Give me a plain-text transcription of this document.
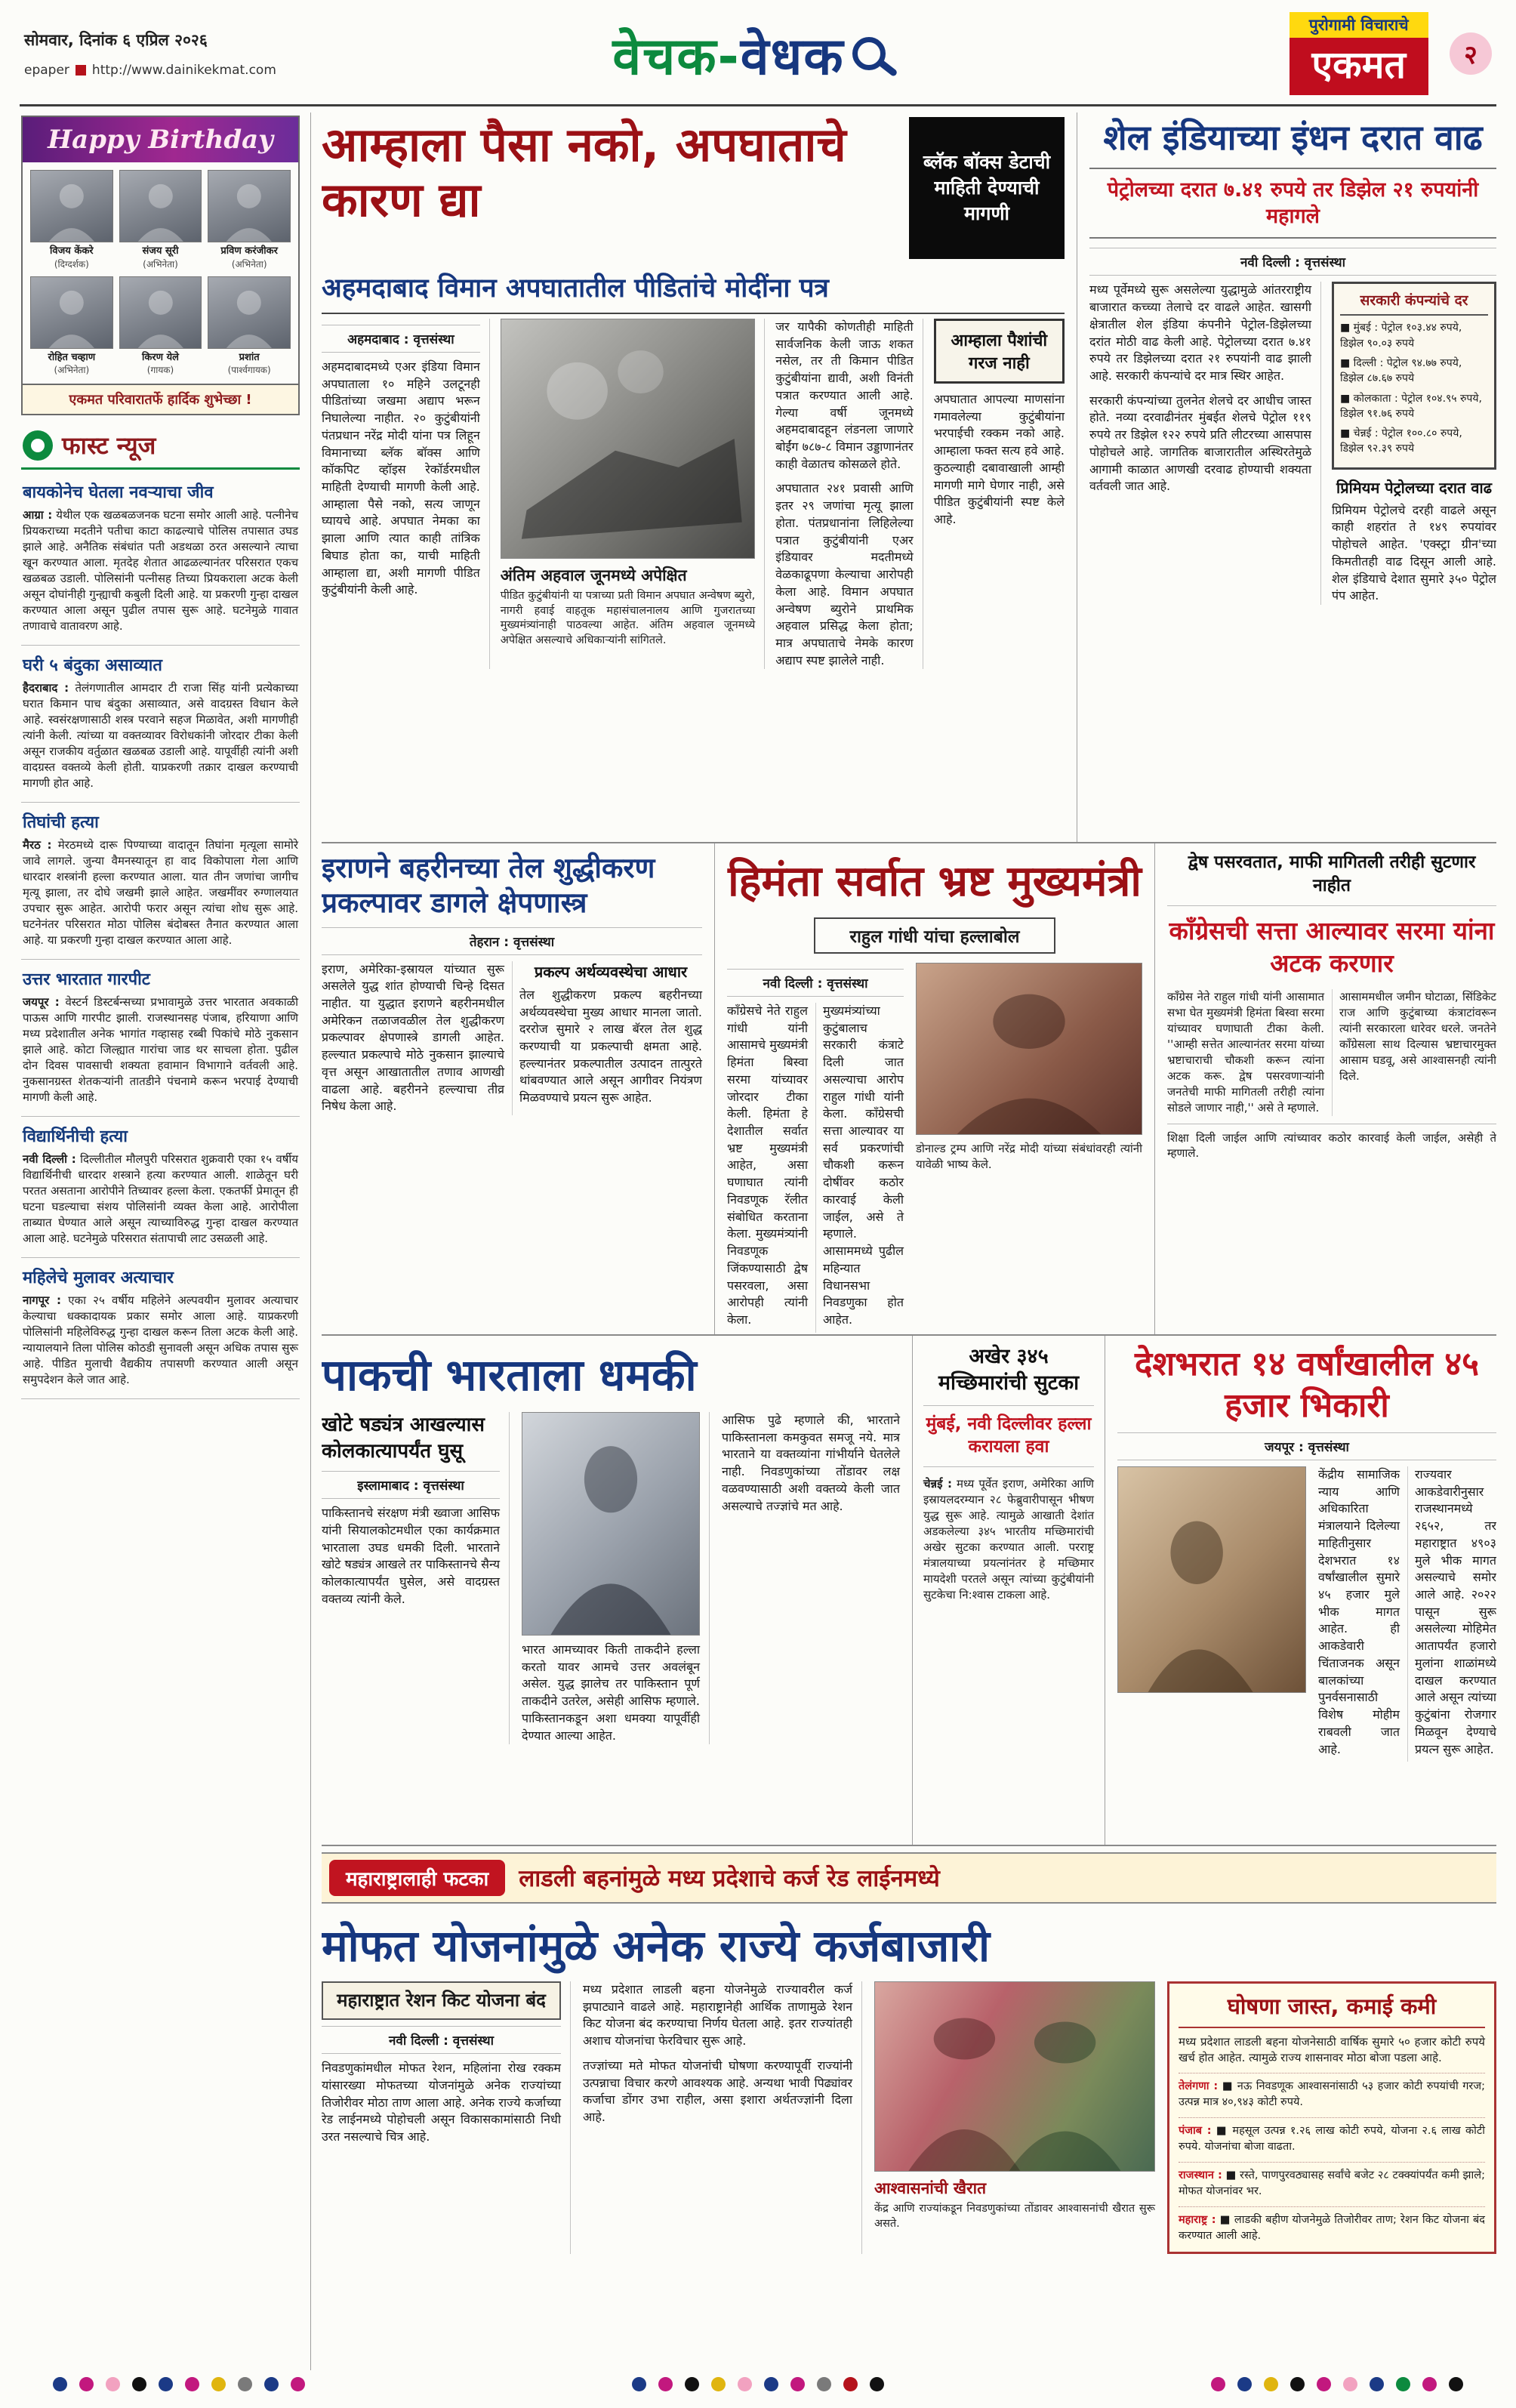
सोमवार, दिनांक ६ एप्रिल २०२६
epaper http://www.dainikekmat.com	वेचक- वेधक
पुरोगामी विचाराचे
एकमत	२
Happy Birthday
विजय केंकरे
(दिग्दर्शक)
संजय सूरी
(अभिनेता)
प्रविण करंजीकर
(अभिनेता)
रोहित चव्हाण
(अभिनेता)
किरण येले
(गायक)
प्रशांत
(पार्श्वगायक)
एकमत परिवारातर्फे हार्दिक शुभेच्छा !
फास्ट न्यूज
बायकोनेच घेतला नवऱ्याचा जीव

आग्रा : येथील एक खळबळजनक घटना समोर आली आहे. पत्नीनेच प्रियकराच्या मदतीने पतीचा काटा काढल्याचे पोलिस तपासात उघड झाले आहे. अनैतिक संबंधांत पती अडथळा ठरत असल्याने त्याचा खून करण्यात आला. मृतदेह शेतात आढळल्यानंतर परिसरात एकच खळबळ उडाली. पोलिसांनी पत्नीसह तिच्या प्रियकराला अटक केली असून दोघांनीही गुन्ह्याची कबुली दिली आहे. या प्रकरणी गुन्हा दाखल करण्यात आला असून पुढील तपास सुरू आहे. घटनेमुळे गावात तणावाचे वातावरण आहे.

घरी ५ बंदुका असाव्यात

हैदराबाद : तेलंगणातील आमदार टी राजा सिंह यांनी प्रत्येकाच्या घरात किमान पाच बंदुका असाव्यात, असे वादग्रस्त विधान केले आहे. स्वसंरक्षणासाठी शस्त्र परवाने सहज मिळावेत, अशी मागणीही त्यांनी केली. त्यांच्या या वक्तव्यावर विरोधकांनी जोरदार टीका केली असून राजकीय वर्तुळात खळबळ उडाली आहे. यापूर्वीही त्यांनी अशी वादग्रस्त वक्तव्ये केली होती. याप्रकरणी तक्रार दाखल करण्याची मागणी होत आहे.

तिघांची हत्या

मैरठ : मेरठमध्ये दारू पिण्याच्या वादातून तिघांना मृत्यूला सामोरे जावे लागले. जुन्या वैमनस्यातून हा वाद विकोपाला गेला आणि धारदार शस्त्रांनी हल्ला करण्यात आला. यात तीन जणांचा जागीच मृत्यू झाला, तर दोघे जखमी झाले आहेत. जखमींवर रुग्णालयात उपचार सुरू आहेत. आरोपी फरार असून त्यांचा शोध सुरू आहे. घटनेनंतर परिसरात मोठा पोलिस बंदोबस्त तैनात करण्यात आला आहे. या प्रकरणी गुन्हा दाखल करण्यात आला आहे.

उत्तर भारतात गारपीट

जयपूर : वेस्टर्न डिस्टर्बन्सच्या प्रभावामुळे उत्तर भारतात अवकाळी पाऊस आणि गारपीट झाली. राजस्थानसह पंजाब, हरियाणा आणि मध्य प्रदेशातील अनेक भागांत गव्हासह रब्बी पिकांचे मोठे नुकसान झाले आहे. कोटा जिल्ह्यात गारांचा जाड थर साचला होता. पुढील दोन दिवस पावसाची शक्यता हवामान विभागाने वर्तवली आहे. नुकसानग्रस्त शेतकऱ्यांनी तातडीने पंचनामे करून भरपाई देण्याची मागणी केली आहे.

विद्यार्थिनीची हत्या

नवी दिल्ली : दिल्लीतील मौलपुरी परिसरात शुक्रवारी एका १५ वर्षीय विद्यार्थिनीची धारदार शस्त्राने हत्या करण्यात आली. शाळेतून घरी परतत असताना आरोपीने तिच्यावर हल्ला केला. एकतर्फी प्रेमातून ही घटना घडल्याचा संशय पोलिसांनी व्यक्त केला आहे. आरोपीला ताब्यात घेण्यात आले असून त्याच्याविरुद्ध गुन्हा दाखल करण्यात आला आहे. घटनेमुळे परिसरात संतापाची लाट उसळली आहे.

महिलेचे मुलावर अत्याचार

नागपूर : एका २५ वर्षीय महिलेने अल्पवयीन मुलावर अत्याचार केल्याचा धक्कादायक प्रकार समोर आला आहे. याप्रकरणी पोलिसांनी महिलेविरुद्ध गुन्हा दाखल करून तिला अटक केली आहे. न्यायालयाने तिला पोलिस कोठडी सुनावली असून अधिक तपास सुरू आहे. पीडित मुलाची वैद्यकीय तपासणी करण्यात आली असून समुपदेशन केले जात आहे.

आम्हाला पैसा नको, अपघाताचे कारण द्या
ब्लॅक बॉक्स डेटाची माहिती देण्याची मागणी
अहमदाबाद विमान अपघातातील पीडितांचे मोदींना पत्र
अहमदाबाद : वृत्तसंस्था

अहमदाबादमध्ये एअर इंडिया विमान अपघाताला १० महिने उलटूनही पीडितांच्या जखमा अद्याप भरून निघालेल्या नाहीत. २० कुटुंबीयांनी पंतप्रधान नरेंद्र मोदी यांना पत्र लिहून विमानाच्या ब्लॅक बॉक्स आणि कॉकपिट व्हॉइस रेकॉर्डरमधील माहिती देण्याची मागणी केली आहे. आम्हाला पैसे नको, सत्य जाणून घ्यायचे आहे. अपघात नेमका का झाला आणि त्यात काही तांत्रिक बिघाड होता का, याची माहिती आम्हाला द्या, अशी मागणी पीडित कुटुंबीयांनी केली आहे.

अंतिम अहवाल जूनमध्ये अपेक्षित

पीडित कुटुंबीयांनी या पत्राच्या प्रती विमान अपघात अन्वेषण ब्युरो, नागरी हवाई वाहतूक महासंचालनालय आणि गुजरातच्या मुख्यमंत्र्यांनाही पाठवल्या आहेत. अंतिम अहवाल जूनमध्ये अपेक्षित असल्याचे अधिकाऱ्यांनी सांगितले.

जर यापैकी कोणतीही माहिती सार्वजनिक केली जाऊ शकत नसेल, तर ती किमान पीडित कुटुंबीयांना द्यावी, अशी विनंती पत्रात करण्यात आली आहे. गेल्या वर्षी जूनमध्ये अहमदाबादहून लंडनला जाणारे बोईंग ७८७-८ विमान उड्डाणानंतर काही वेळातच कोसळले होते.

अपघातात २४१ प्रवासी आणि इतर २९ जणांचा मृत्यू झाला होता. पंतप्रधानांना लिहिलेल्या पत्रात कुटुंबीयांनी एअर इंडियावर मदतीमध्ये वेळकाढूपणा केल्याचा आरोपही केला आहे. विमान अपघात अन्वेषण ब्युरोने प्राथमिक अहवाल प्रसिद्ध केला होता; मात्र अपघाताचे नेमके कारण अद्याप स्पष्ट झालेले नाही.

आम्हाला पैशांची गरज नाही

अपघातात आपल्या माणसांना गमावलेल्या कुटुंबीयांना भरपाईची रक्कम नको आहे. आम्हाला फक्त सत्य हवे आहे. कुठल्याही दबावाखाली आम्ही मागणी मागे घेणार नाही, असे पीडित कुटुंबीयांनी स्पष्ट केले आहे.

शेल इंडियाच्या इंधन दरात वाढ
पेट्रोलच्या दरात ७.४१ रुपये तर डिझेल २१ रुपयांनी महागले
नवी दिल्ली : वृत्तसंस्था

मध्य पूर्वेमध्ये सुरू असलेल्या युद्धामुळे आंतरराष्ट्रीय बाजारात कच्च्या तेलाचे दर वाढले आहेत. खासगी क्षेत्रातील शेल इंडिया कंपनीने पेट्रोल-डिझेलच्या दरांत मोठी वाढ केली आहे. पेट्रोलच्या दरात ७.४१ रुपये तर डिझेलच्या दरात २१ रुपयांनी वाढ झाली आहे. सरकारी कंपन्यांचे दर मात्र स्थिर आहेत.

सरकारी कंपन्यांच्या तुलनेत शेलचे दर आधीच जास्त होते. नव्या दरवाढीनंतर मुंबईत शेलचे पेट्रोल ११९ रुपये तर डिझेल १२२ रुपये प्रति लीटरच्या आसपास पोहोचले आहे. जागतिक बाजारातील अस्थिरतेमुळे आगामी काळात आणखी दरवाढ होण्याची शक्यता वर्तवली जात आहे.

सरकारी कंपन्यांचे दर

■ मुंबई : पेट्रोल १०३.४४ रुपये, डिझेल ९०.०३ रुपये

■ दिल्ली : पेट्रोल ९४.७७ रुपये, डिझेल ८७.६७ रुपये

■ कोलकाता : पेट्रोल १०४.९५ रुपये, डिझेल ९१.७६ रुपये

■ चेन्नई : पेट्रोल १००.८० रुपये, डिझेल ९२.३९ रुपये

प्रिमियम पेट्रोलच्या दरात वाढ

प्रिमियम पेट्रोलचे दरही वाढले असून काही शहरांत ते १४९ रुपयांवर पोहोचले आहेत. 'एक्स्ट्रा ग्रीन'च्या किमतीतही वाढ दिसून आली आहे. शेल इंडियाचे देशात सुमारे ३५० पेट्रोल पंप आहेत.

इराणने बहरीनच्या तेल शुद्धीकरण प्रकल्पावर डागले क्षेपणास्त्र
तेहरान : वृत्तसंस्था

इराण, अमेरिका-इस्रायल यांच्यात सुरू असलेले युद्ध शांत होण्याची चिन्हे दिसत नाहीत. या युद्धात इराणने बहरीनमधील अमेरिकन तळाजवळील तेल शुद्धीकरण प्रकल्पावर क्षेपणास्त्रे डागली आहेत. हल्ल्यात प्रकल्पाचे मोठे नुकसान झाल्याचे वृत्त असून आखातातील तणाव आणखी वाढला आहे. बहरीनने हल्ल्याचा तीव्र निषेध केला आहे.

प्रकल्प अर्थव्यवस्थेचा आधार

तेल शुद्धीकरण प्रकल्प बहरीनच्या अर्थव्यवस्थेचा मुख्य आधार मानला जातो. दररोज सुमारे २ लाख बॅरल तेल शुद्ध करण्याची या प्रकल्पाची क्षमता आहे. हल्ल्यानंतर प्रकल्पातील उत्पादन तात्पुरते थांबवण्यात आले असून आगीवर नियंत्रण मिळवण्याचे प्रयत्न सुरू आहेत.

हिमंता सर्वात भ्रष्ट मुख्यमंत्री
राहुल गांधी यांचा हल्लाबोल
नवी दिल्ली : वृत्तसंस्था

काँग्रेसचे नेते राहुल गांधी यांनी आसामचे मुख्यमंत्री हिमंता बिस्वा सरमा यांच्यावर जोरदार टीका केली. हिमंता हे देशातील सर्वात भ्रष्ट मुख्यमंत्री आहेत, असा घणाघात त्यांनी निवडणूक रॅलीत संबोधित करताना केला. मुख्यमंत्र्यांनी निवडणूक जिंकण्यासाठी द्वेष पसरवला, असा आरोपही त्यांनी केला.

मुख्यमंत्र्यांच्या कुटुंबालाच सरकारी कंत्राटे दिली जात असल्याचा आरोप राहुल गांधी यांनी केला. काँग्रेसची सत्ता आल्यावर या सर्व प्रकरणांची चौकशी करून दोषींवर कठोर कारवाई केली जाईल, असे ते म्हणाले. आसाममध्ये पुढील महिन्यात विधानसभा निवडणुका होत आहेत.

डोनाल्ड ट्रम्प आणि नरेंद्र मोदी यांच्या संबंधांवरही त्यांनी यावेळी भाष्य केले.

द्वेष पसरवतात, माफी मागितली तरीही सुटणार नाहीत
काँग्रेसची सत्ता आल्यावर सरमा यांना अटक करणार

काँग्रेस नेते राहुल गांधी यांनी आसामात सभा घेत मुख्यमंत्री हिमंता बिस्वा सरमा यांच्यावर घणाघाती टीका केली. ''आम्ही सत्तेत आल्यानंतर सरमा यांच्या भ्रष्टाचाराची चौकशी करून त्यांना अटक करू. द्वेष पसरवणाऱ्यांनी जनतेची माफी मागितली तरीही त्यांना सोडले जाणार नाही,'' असे ते म्हणाले.

आसाममधील जमीन घोटाळा, सिंडिकेट राज आणि कुटुंबाच्या कंत्राटांवरून त्यांनी सरकारला धारेवर धरले. जनतेने काँग्रेसला साथ दिल्यास भ्रष्टाचारमुक्त आसाम घडवू, असे आश्वासनही त्यांनी दिले.

शिक्षा दिली जाईल आणि त्यांच्यावर कठोर कारवाई केली जाईल, असेही ते म्हणाले.

पाकची भारताला धमकी
खोटे षड्यंत्र आखल्यास कोलकात्यापर्यंत घुसू
इस्लामाबाद : वृत्तसंस्था

पाकिस्तानचे संरक्षण मंत्री ख्वाजा आसिफ यांनी सियालकोटमधील एका कार्यक्रमात भारताला उघड धमकी दिली. भारताने खोटे षड्यंत्र आखले तर पाकिस्तानचे सैन्य कोलकात्यापर्यंत घुसेल, असे वादग्रस्त वक्तव्य त्यांनी केले.

भारत आमच्यावर किती ताकदीने हल्ला करतो यावर आमचे उत्तर अवलंबून असेल. युद्ध झालेच तर पाकिस्तान पूर्ण ताकदीने उतरेल, असेही आसिफ म्हणाले. पाकिस्तानकडून अशा धमक्या यापूर्वीही देण्यात आल्या आहेत.

आसिफ पुढे म्हणाले की, भारताने पाकिस्तानला कमकुवत समजू नये. मात्र भारताने या वक्तव्यांना गांभीर्याने घेतलेले नाही. निवडणुकांच्या तोंडावर लक्ष वळवण्यासाठी अशी वक्तव्ये केली जात असल्याचे तज्ज्ञांचे मत आहे.

अखेर ३४५ मच्छिमारांची सुटका
मुंबई, नवी दिल्लीवर हल्ला करायला हवा

चेन्नई : मध्य पूर्वेत इराण, अमेरिका आणि इस्रायलदरम्यान २८ फेब्रुवारीपासून भीषण युद्ध सुरू आहे. त्यामुळे आखाती देशांत अडकलेल्या ३४५ भारतीय मच्छिमारांची अखेर सुटका करण्यात आली. परराष्ट्र मंत्रालयाच्या प्रयत्नांनंतर हे मच्छिमार मायदेशी परतले असून त्यांच्या कुटुंबीयांनी सुटकेचा नि:श्वास टाकला आहे.

देशभरात १४ वर्षांखालील ४५ हजार भिकारी
जयपूर : वृत्तसंस्था

केंद्रीय सामाजिक न्याय आणि अधिकारिता मंत्रालयाने दिलेल्या माहितीनुसार देशभरात १४ वर्षांखालील सुमारे ४५ हजार मुले भीक मागत आहेत. ही आकडेवारी चिंताजनक असून बालकांच्या पुनर्वसनासाठी विशेष मोहीम राबवली जात आहे.

राज्यवार आकडेवारीनुसार राजस्थानमध्ये २६५२, तर महाराष्ट्रात ४९०३ मुले भीक मागत असल्याचे समोर आले आहे. २०२२ पासून सुरू असलेल्या मोहिमेत आतापर्यंत हजारो मुलांना शाळांमध्ये दाखल करण्यात आले असून त्यांच्या कुटुंबांना रोजगार मिळवून देण्याचे प्रयत्न सुरू आहेत.

महाराष्ट्रालाही फटका	लाडली बहनांमुळे मध्य प्रदेशाचे कर्ज रेड लाईनमध्ये
मोफत योजनांमुळे अनेक राज्ये कर्जबाजारी
महाराष्ट्रात रेशन किट योजना बंद
नवी दिल्ली : वृत्तसंस्था

निवडणुकांमधील मोफत रेशन, महिलांना रोख रक्कम यांसारख्या मोफतच्या योजनांमुळे अनेक राज्यांच्या तिजोरीवर मोठा ताण आला आहे. अनेक राज्ये कर्जाच्या रेड लाईनमध्ये पोहोचली असून विकासकामांसाठी निधी उरत नसल्याचे चित्र आहे.

मध्य प्रदेशात लाडली बहना योजनेमुळे राज्यावरील कर्ज झपाट्याने वाढले आहे. महाराष्ट्रानेही आर्थिक ताणामुळे रेशन किट योजना बंद करण्याचा निर्णय घेतला आहे. इतर राज्यांतही अशाच योजनांचा फेरविचार सुरू आहे.

तज्ज्ञांच्या मते मोफत योजनांची घोषणा करण्यापूर्वी राज्यांनी उत्पन्नाचा विचार करणे आवश्यक आहे. अन्यथा भावी पिढ्यांवर कर्जाचा डोंगर उभा राहील, असा इशारा अर्थतज्ज्ञांनी दिला आहे.

आश्वासनांची खैरात

केंद्र आणि राज्यांकडून निवडणुकांच्या तोंडावर आश्वासनांची खैरात सुरू असते.

घोषणा जास्त, कमाई कमी

मध्य प्रदेशात लाडली बहना योजनेसाठी वार्षिक सुमारे ५० हजार कोटी रुपये खर्च होत आहेत. त्यामुळे राज्य शासनावर मोठा बोजा पडला आहे.

तेलंगणा : ■ नऊ निवडणूक आश्वासनांसाठी ५३ हजार कोटी रुपयांची गरज; उत्पन्न मात्र ४०,९४३ कोटी रुपये.

पंजाब : ■ महसूल उत्पन्न १.२६ लाख कोटी रुपये, योजना २.६ लाख कोटी रुपये. योजनांचा बोजा वाढता.

राजस्थान : ■ रस्ते, पाणपुरवठ्यासह सर्वांचे बजेट २८ टक्क्यांपर्यंत कमी झाले; मोफत योजनांवर भर.

महाराष्ट्र : ■ लाडकी बहीण योजनेमुळे तिजोरीवर ताण; रेशन किट योजना बंद करण्यात आली आहे.
